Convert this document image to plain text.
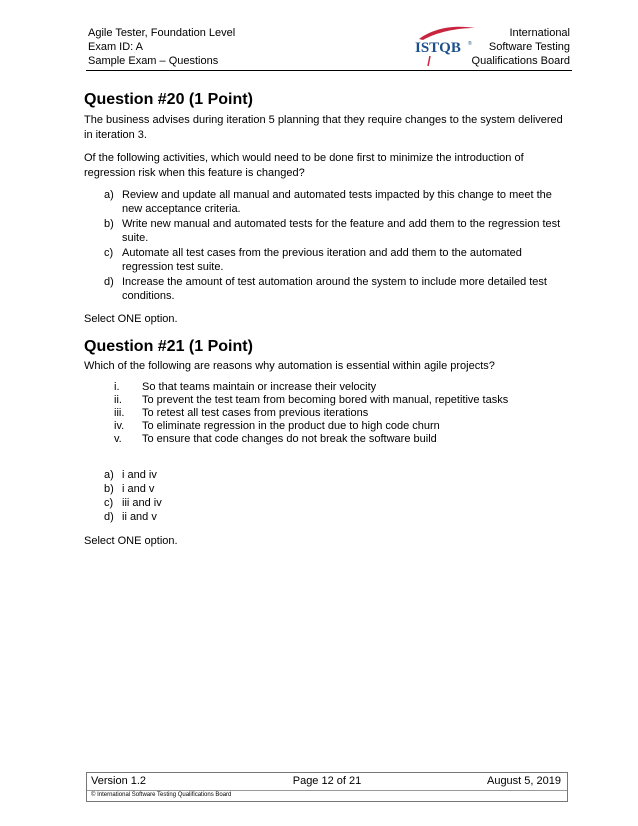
Agile Tester, Foundation Level
Exam ID: A
Sample Exam – Questions
ISTQB ®
International
Software Testing
Qualifications Board
Question #20 (1 Point)

The business advises during iteration 5 planning that they require changes to the system delivered in iteration 3.

Of the following activities, which would need to be done first to minimize the introduction of regression risk when this feature is changed?

a) Review and update all manual and automated tests impacted by this change to meet the new acceptance criteria.
b) Write new manual and automated tests for the feature and add them to the regression test suite.
c) Automate all test cases from the previous iteration and add them to the automated regression test suite.
d) Increase the amount of test automation around the system to include more detailed test conditions.

Select ONE option.

Question #21 (1 Point)

Which of the following are reasons why automation is essential within agile projects?

i. So that teams maintain or increase their velocity
ii. To prevent the test team from becoming bored with manual, repetitive tasks
iii. To retest all test cases from previous iterations
iv. To eliminate regression in the product due to high code churn
v. To ensure that code changes do not break the software build
a) i and iv
b) i and v
c) iii and iv
d) ii and v

Select ONE option.

Version 1.2	Page 12 of 21	August 5, 2019
© International Software Testing Qualifications Board
